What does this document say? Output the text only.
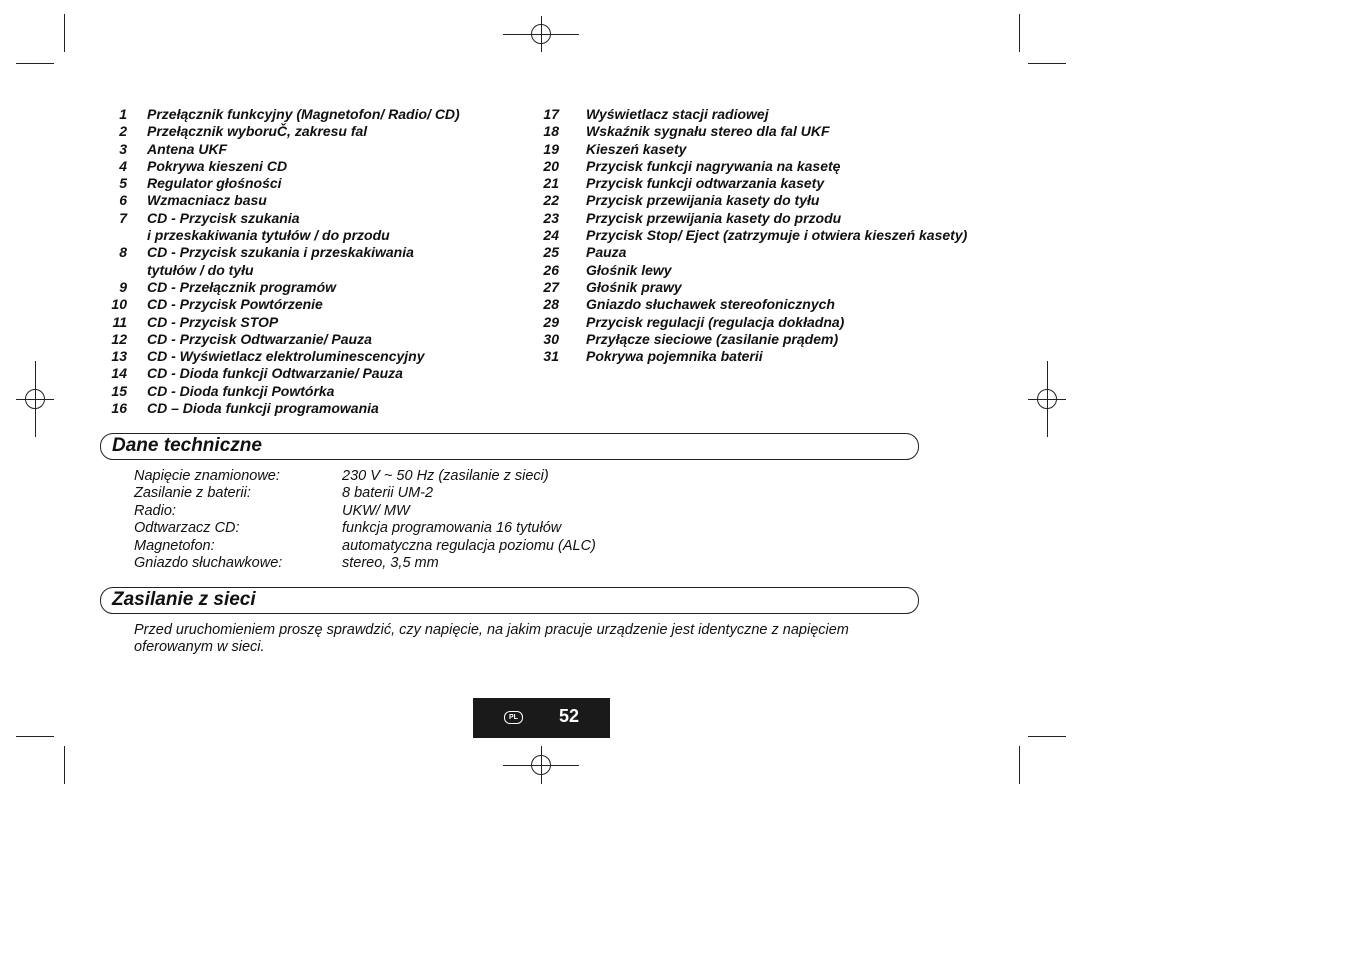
1 Przełącznik funkcyjny (Magnetofon/ Radio/ CD)
2 Przełącznik wyboruČ, zakresu fal
3 Antena UKF
4 Pokrywa kieszeni CD
5 Regulator głośności
6 Wzmacniacz basu
7 CD - Przycisk szukania
i przeskakiwania tytułów / do przodu
8 CD - Przycisk szukania i przeskakiwania
tytułów / do tyłu
9 CD - Przełącznik programów
10 CD - Przycisk Powtórzenie
11 CD - Przycisk STOP
12 CD - Przycisk Odtwarzanie/ Pauza
13 CD - Wyświetlacz elektroluminescencyjny
14 CD - Dioda funkcji Odtwarzanie/ Pauza
15 CD - Dioda funkcji Powtórka
16 CD – Dioda funkcji programowania
17 Wyświetlacz stacji radiowej
18 Wskaźnik sygnału stereo dla fal UKF
19 Kieszeń kasety
20 Przycisk funkcji nagrywania na kasetę
21 Przycisk funkcji odtwarzania kasety
22 Przycisk przewijania kasety do tyłu
23 Przycisk przewijania kasety do przodu
24 Przycisk Stop/ Eject (zatrzymuje i otwiera kieszeń kasety)
25 Pauza
26 Głośnik lewy
27 Głośnik prawy
28 Gniazdo słuchawek stereofonicznych
29 Przycisk regulacji (regulacja dokładna)
30 Przyłącze sieciowe (zasilanie prądem)
31 Pokrywa pojemnika baterii
Dane techniczne
Napięcie znamionowe:	230 V ~ 50 Hz (zasilanie z sieci)
Zasilanie z baterii:	8 baterii UM-2
Radio:	UKW/ MW
Odtwarzacz CD:	funkcja programowania 16 tytułów
Magnetofon:	automatyczna regulacja poziomu (ALC)
Gniazdo słuchawkowe:	stereo, 3,5 mm
Zasilanie z sieci
Przed uruchomieniem proszę sprawdzić, czy napięcie, na jakim pracuje urządzenie jest identyczne z napięciem oferowanym w sieci.
PL 52
